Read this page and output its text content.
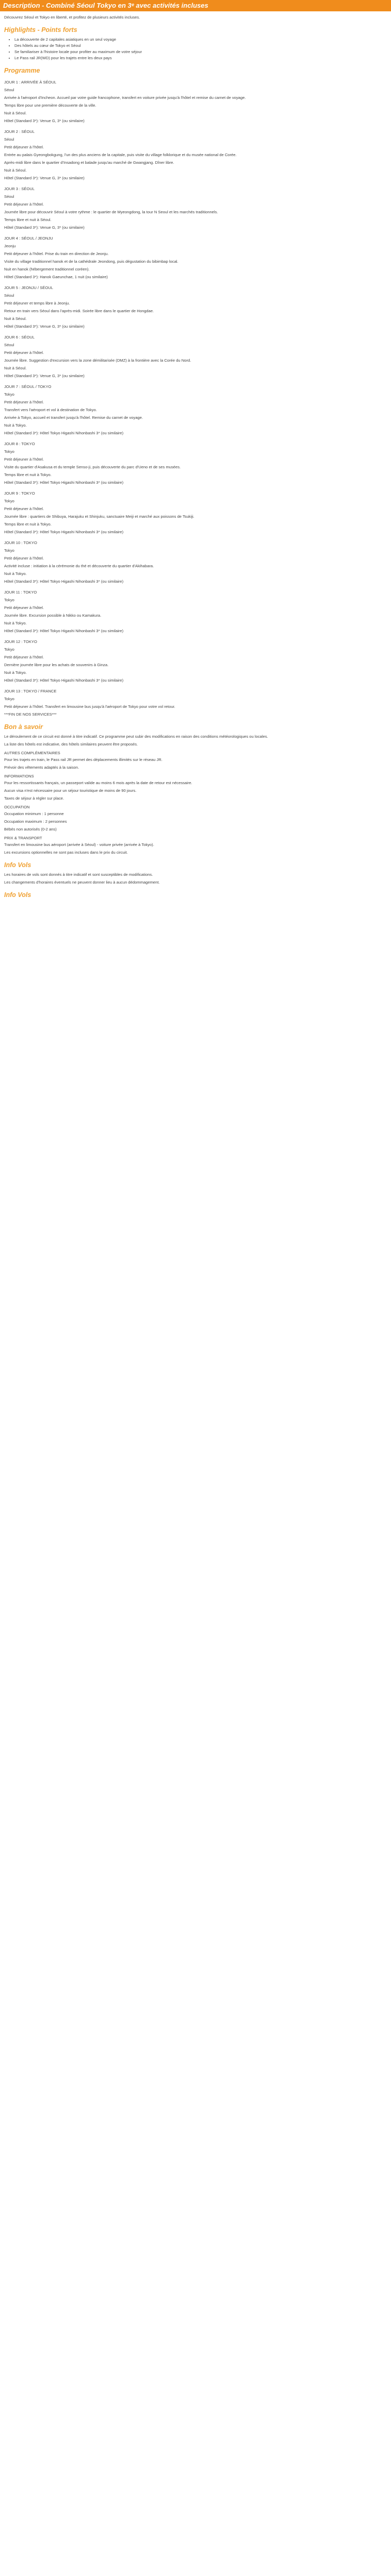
Description - Combiné Séoul Tokyo en 3ᵉ avec activités incluses
Découvrez Séoul et Tokyo en liberté, et profitez de plusieurs activités incluses.
Highlights - Points forts
• La découverte de 2 capitales asiatiques en un seul voyage
• Des hôtels au cœur de Tokyo et Séoul
• Se familiariser à l'histoire locale pour profiter au maximum de votre séjour
• Le Pass rail JR(WD) pour les trajets entre les deux pays
Programme
JOUR 1 : ARRIVÉE À SÉOUL
Séoul
Arrivée à l'aéroport d'Incheon. Accueil par votre guide francophone, transfert en voiture privée jusqu'à l'hôtel et remise du carnet de voyage.
Temps libre pour une première découverte de la ville.
Nuit à Séoul.
Hôtel (Standard 3*): Venue G, 3* (ou similaire)
JOUR 2 : SÉOUL
Séoul
Petit déjeuner à l'hôtel.
Entrée au palais Gyeongbokgung, l'un des plus anciens de la capitale, puis visite du village folklorique et du musée national de Corée.
Après-midi libre dans le quartier d'Insadong et balade jusqu'au marché de Gwangjang. Dîner libre.
Nuit à Séoul.
Hôtel (Standard 3*): Venue G, 3* (ou similaire)
JOUR 3 : SÉOUL
Séoul
Petit déjeuner à l'hôtel.
Journée libre pour découvrir Séoul à votre rythme : le quartier de Myeongdong, la tour N Seoul et les marchés traditionnels.
Temps libre et nuit à Séoul.
Hôtel (Standard 3*): Venue G, 3* (ou similaire)
JOUR 4 : SÉOUL / JEONJU
Jeonju
Petit déjeuner à l'hôtel. Prise du train en direction de Jeonju.
Visite du village traditionnel hanok et de la cathédrale Jeondong, puis dégustation du bibimbap local.
Nuit en hanok (hébergement traditionnel coréen).
Hôtel (Standard 3*): Hanok Gaeunchae, 1 nuit (ou similaire)
JOUR 5 : JEONJU / SÉOUL
Séoul
Petit déjeuner et temps libre à Jeonju.
Retour en train vers Séoul dans l'après-midi. Soirée libre dans le quartier de Hongdae.
Nuit à Séoul.
Hôtel (Standard 3*): Venue G, 3* (ou similaire)
JOUR 6 : SÉOUL
Séoul
Petit déjeuner à l'hôtel.
Journée libre. Suggestion d'excursion vers la zone démilitarisée (DMZ) à la frontière avec la Corée du Nord.
Nuit à Séoul.
Hôtel (Standard 3*): Venue G, 3* (ou similaire)
JOUR 7 : SÉOUL / TOKYO
Tokyo
Petit déjeuner à l'hôtel.
Transfert vers l'aéroport et vol à destination de Tokyo.
Arrivée à Tokyo, accueil et transfert jusqu'à l'hôtel. Remise du carnet de voyage.
Nuit à Tokyo.
Hôtel (Standard 3*): Hôtel Tokyo Higashi Nihonbashi 3* (ou similaire)
JOUR 8 : TOKYO
Tokyo
Petit déjeuner à l'hôtel.
Visite du quartier d'Asakusa et du temple Senso-ji, puis découverte du parc d'Ueno et de ses musées.
Temps libre et nuit à Tokyo.
Hôtel (Standard 3*): Hôtel Tokyo Higashi Nihonbashi 3* (ou similaire)
JOUR 9 : TOKYO
Tokyo
Petit déjeuner à l'hôtel.
Journée libre : quartiers de Shibuya, Harajuku et Shinjuku, sanctuaire Meiji et marché aux poissons de Tsukiji.
Temps libre et nuit à Tokyo.
Hôtel (Standard 3*): Hôtel Tokyo Higashi Nihonbashi 3* (ou similaire)
JOUR 10 : TOKYO
Tokyo
Petit déjeuner à l'hôtel.
Activité incluse : initiation à la cérémonie du thé et découverte du quartier d'Akihabara.
Nuit à Tokyo.
Hôtel (Standard 3*): Hôtel Tokyo Higashi Nihonbashi 3* (ou similaire)
JOUR 11 : TOKYO
Tokyo
Petit déjeuner à l'hôtel.
Journée libre. Excursion possible à Nikko ou Kamakura.
Nuit à Tokyo.
Hôtel (Standard 3*): Hôtel Tokyo Higashi Nihonbashi 3* (ou similaire)
JOUR 12 : TOKYO
Tokyo
Petit déjeuner à l'hôtel.
Dernière journée libre pour les achats de souvenirs à Ginza.
Nuit à Tokyo.
Hôtel (Standard 3*): Hôtel Tokyo Higashi Nihonbashi 3* (ou similaire)
JOUR 13 : TOKYO / FRANCE
Tokyo
Petit déjeuner à l'hôtel. Transfert en limousine bus jusqu'à l'aéroport de Tokyo pour votre vol retour.
***FIN DE NOS SERVICES***
Bon à savoir
Le déroulement de ce circuit est donné à titre indicatif. Ce programme peut subir des modifications en raison des conditions météorologiques ou locales.
La liste des hôtels est indicative, des hôtels similaires peuvent être proposés.
AUTRES COMPLÉMENTAIRES
Pour les trajets en train, le Pass rail JR permet des déplacements illimités sur le réseau JR.
Prévoir des vêtements adaptés à la saison.
INFORMATIONS
Pour les ressortissants français, un passeport valide au moins 6 mois après la date de retour est nécessaire.
Aucun visa n'est nécessaire pour un séjour touristique de moins de 90 jours.
Taxes de séjour à régler sur place.
OCCUPATION
Occupation minimum : 1 personne
Occupation maximum : 2 personnes
Bébés non autorisés (0-2 ans)
PRIX & TRANSPORT
Transfert en limousine bus aéroport (arrivée à Séoul) - voiture privée (arrivée à Tokyo).
Les excursions optionnelles ne sont pas incluses dans le prix du circuit.
Info Vols
Les horaires de vols sont donnés à titre indicatif et sont susceptibles de modifications.
Les changements d'horaires éventuels ne peuvent donner lieu à aucun dédommagement.
Info Vols
